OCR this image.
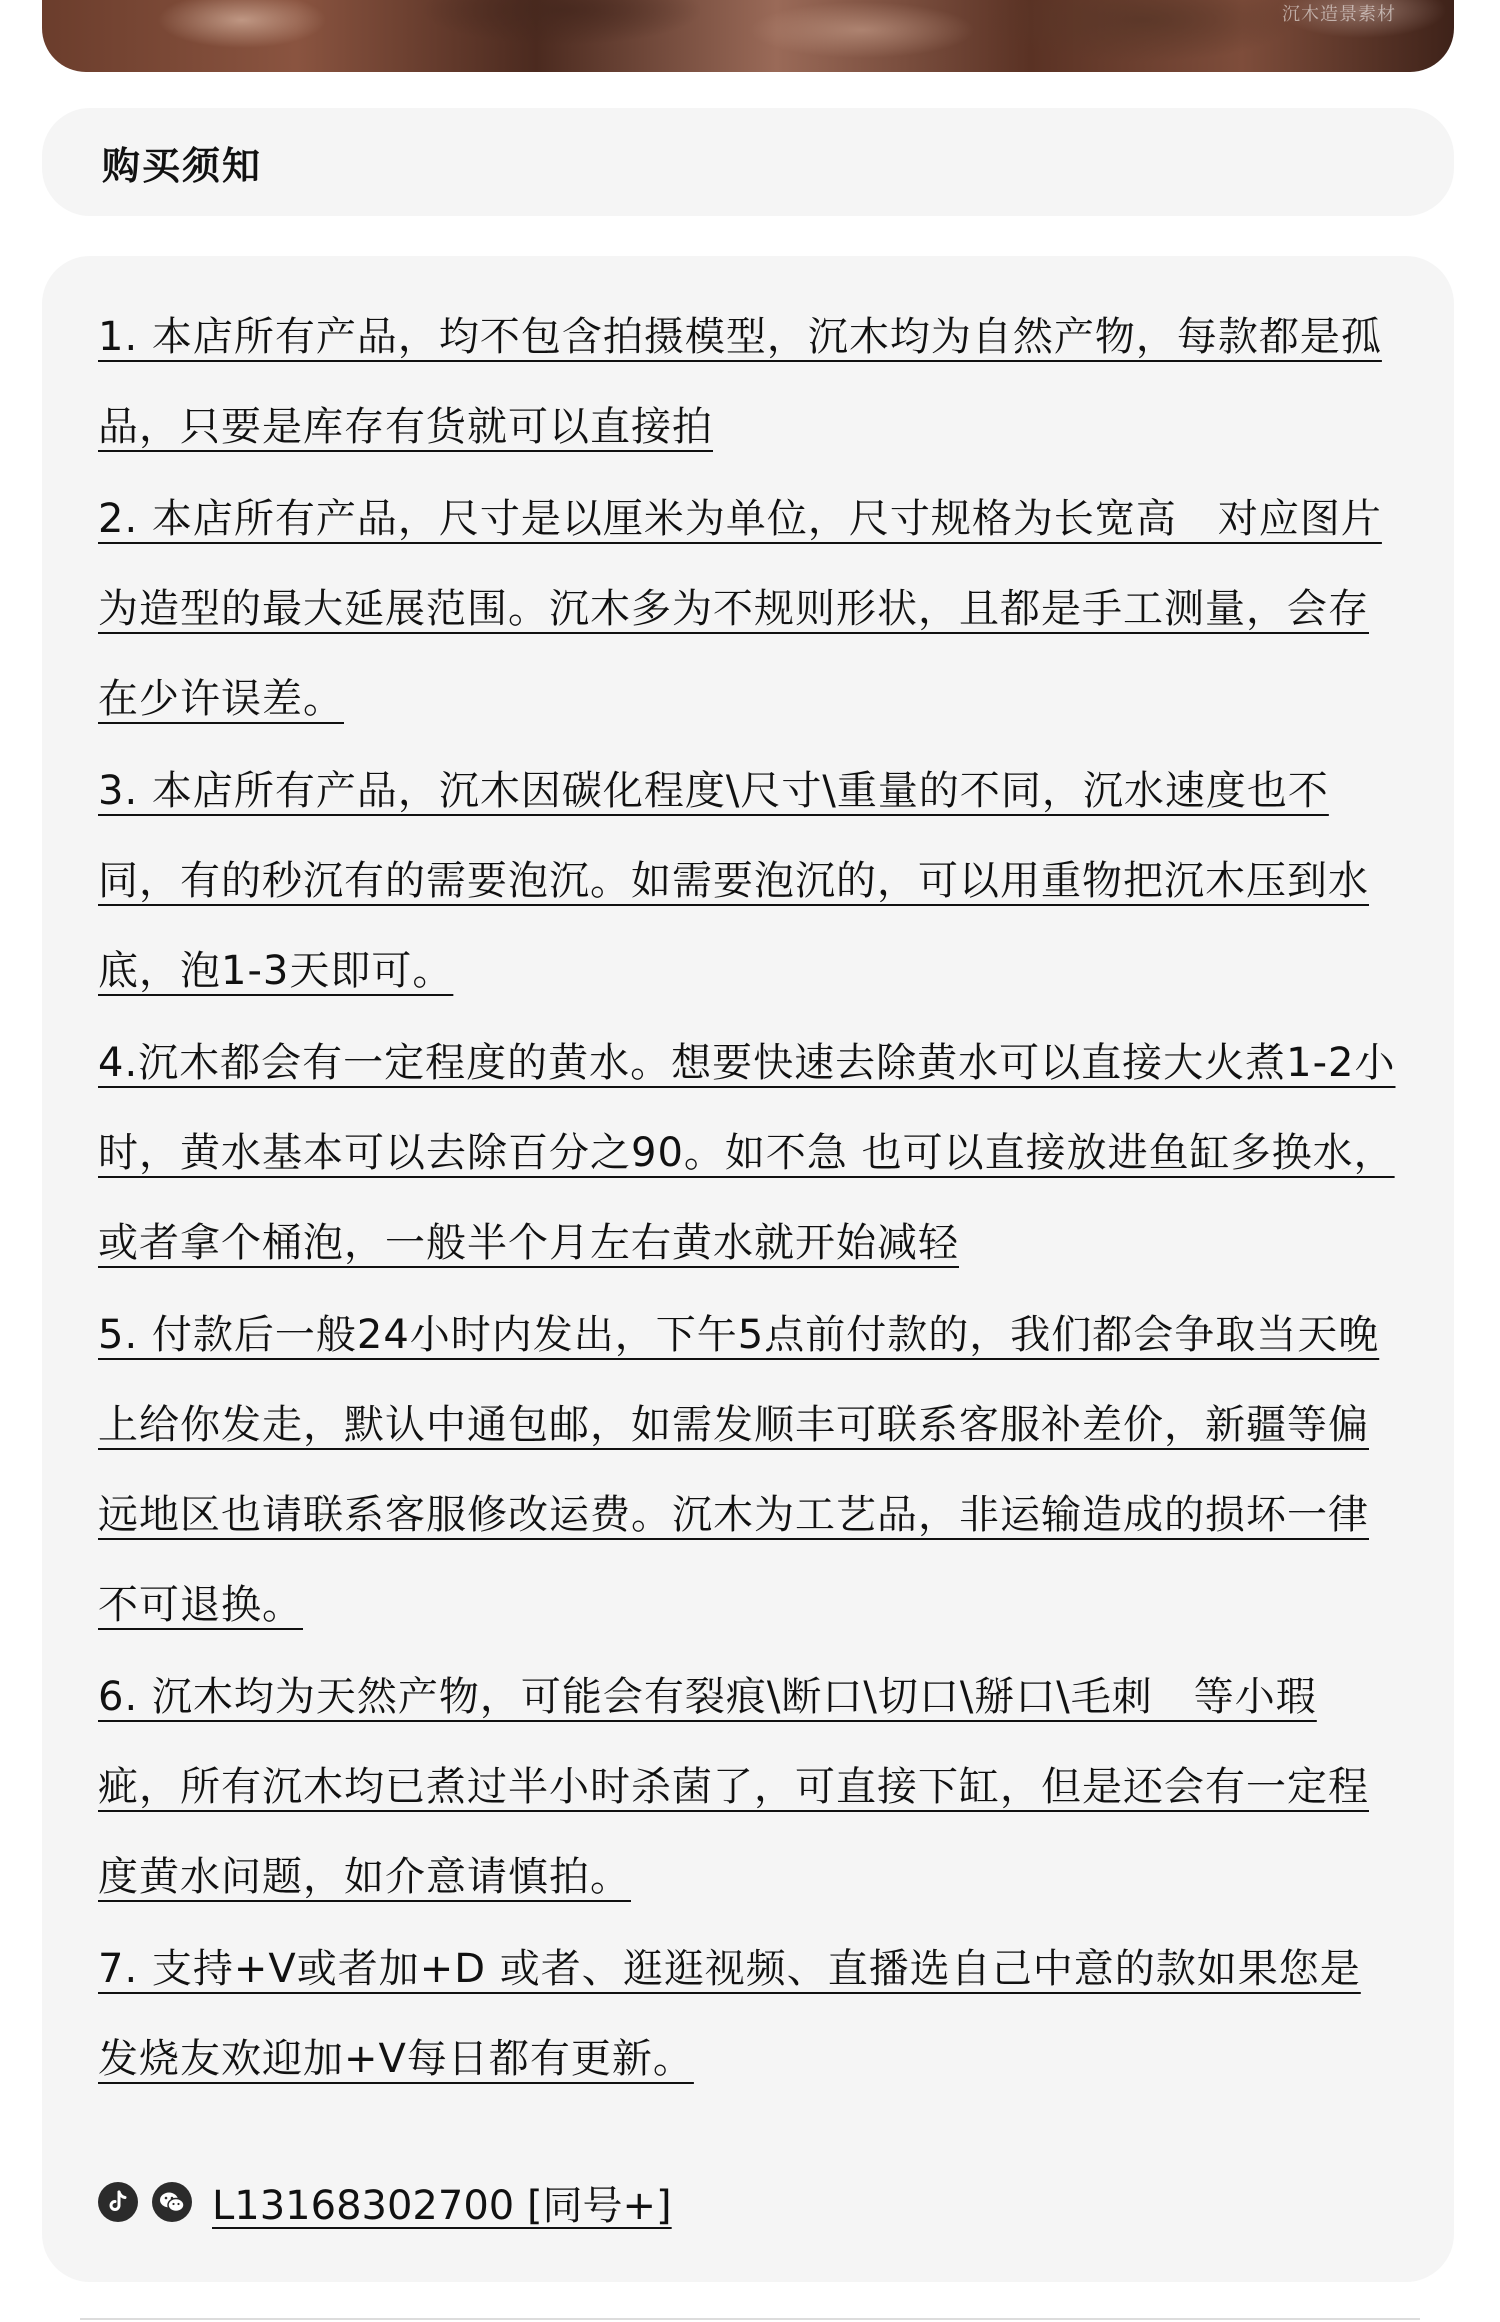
沉木造景素材
购买须知

1. 本店所有产品，均不包含拍摄模型，沉木均为自然产物，每款都是孤品，只要是库存有货就可以直接拍

2. 本店所有产品，尺寸是以厘米为单位，尺寸规格为长宽高　对应图片为造型的最大延展范围。沉木多为不规则形状，且都是手工测量，会存在少许误差。

3. 本店所有产品，沉木因碳化程度\尺寸\重量的不同，沉水速度也不同，有的秒沉有的需要泡沉。如需要泡沉的，可以用重物把沉木压到水底，泡1-3天即可。

4.沉木都会有一定程度的黄水。想要快速去除黄水可以直接大火煮1-2小时，黄水基本可以去除百分之90。如不急 也可以直接放进鱼缸多换水，或者拿个桶泡，一般半个月左右黄水就开始减轻

5. 付款后一般24小时内发出，下午5点前付款的，我们都会争取当天晚上给你发走，默认中通包邮，如需发顺丰可联系客服补差价，新疆等偏远地区也请联系客服修改运费。沉木为工艺品，非运输造成的损坏一律不可退换。

6. 沉木均为天然产物，可能会有裂痕\断口\切口\掰口\毛刺　等小瑕疵，所有沉木均已煮过半小时杀菌了，可直接下缸，但是还会有一定程度黄水问题，如介意请慎拍。

7. 支持+V或者加+D 或者、逛逛视频、直播选自己中意的款如果您是发烧友欢迎加+V每日都有更新。

L13168302700 [同号+]
